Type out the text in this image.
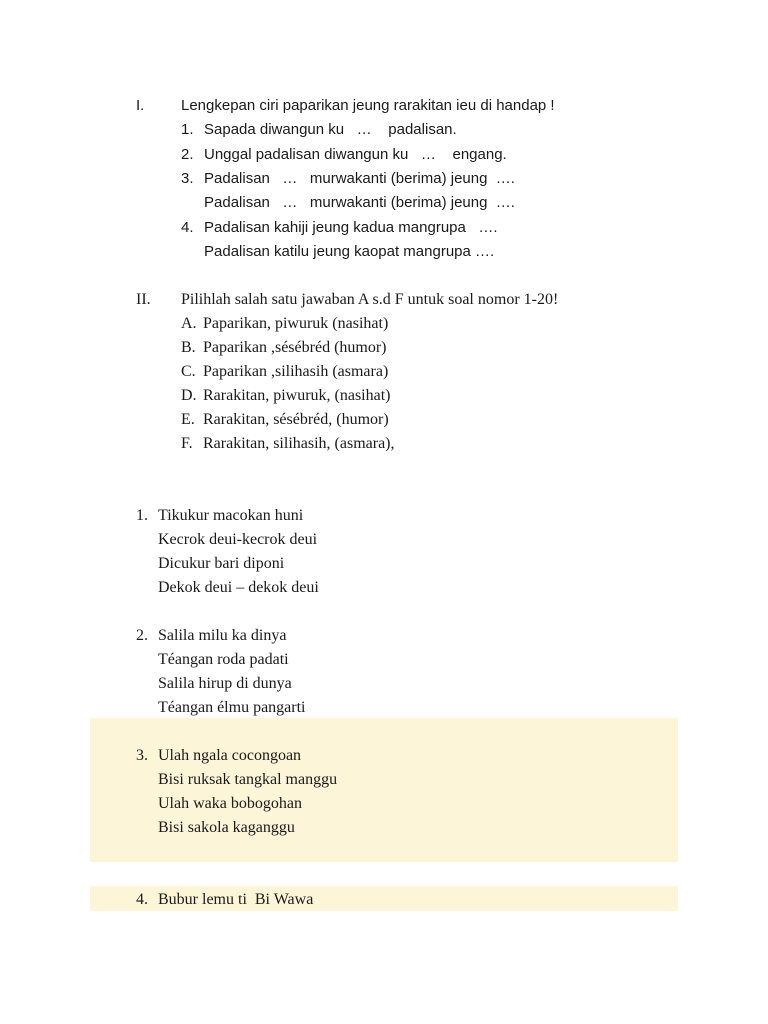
I. Lengkepan ciri paparikan jeung rarakitan ieu di handap !
1. Sapada diwangun ku   …    padalisan.
2. Unggal padalisan diwangun ku   …    engang.
3. Padalisan   …   murwakanti (berima) jeung  ….
Padalisan   …   murwakanti (berima) jeung  ….
4. Padalisan kahiji jeung kadua mangrupa   ….
Padalisan katilu jeung kaopat mangrupa ….
II. Pilihlah salah satu jawaban A s.d F untuk soal nomor 1-20!
A. Paparikan, piwuruk (nasihat)
B. Paparikan ,sésébréd (humor)
C. Paparikan ,silihasih (asmara)
D. Rarakitan, piwuruk, (nasihat)
E. Rarakitan, sésébréd, (humor)
F. Rarakitan, silihasih, (asmara),
1. Tikukur macokan huni
Kecrok deui-kecrok deui
Dicukur bari diponi
Dekok deui – dekok deui
2. Salila milu ka dinya
Téangan roda padati
Salila hirup di dunya
Téangan élmu pangarti
3. Ulah ngala cocongoan
Bisi ruksak tangkal manggu
Ulah waka bobogohan
Bisi sakola kaganggu
4. Bubur lemu ti  Bi Wawa
